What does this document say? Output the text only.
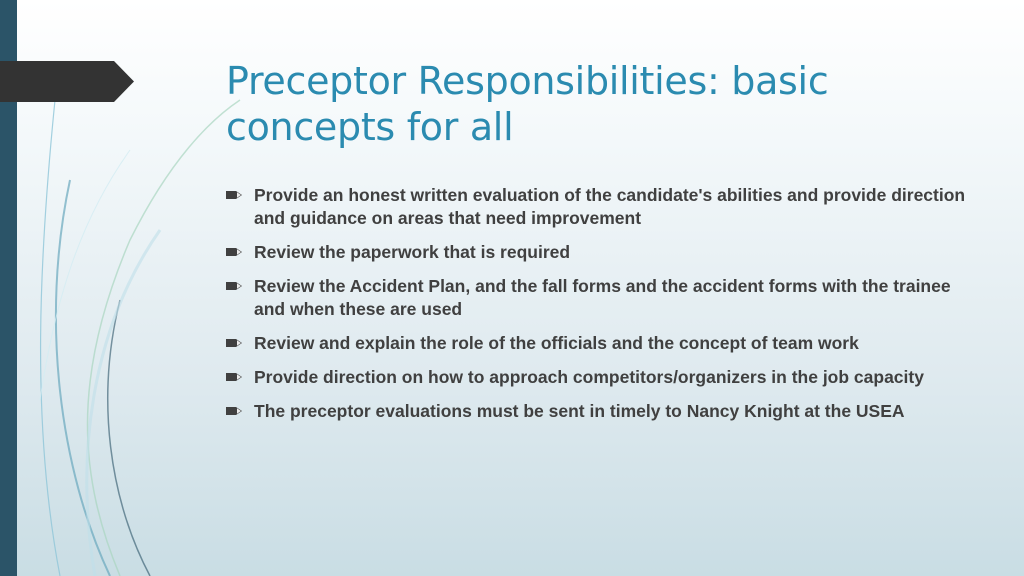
Preceptor Responsibilities: basic concepts for all
Provide an honest written evaluation of the candidate's abilities and provide direction and guidance on areas that need improvement
Review the paperwork that is required
Review the Accident Plan, and the fall forms and the accident forms with the trainee and when these are used
Review and explain the role of the officials and the concept of team work
Provide direction on how to approach competitors/organizers in the job capacity
The preceptor evaluations must be sent in timely to Nancy Knight at the USEA
